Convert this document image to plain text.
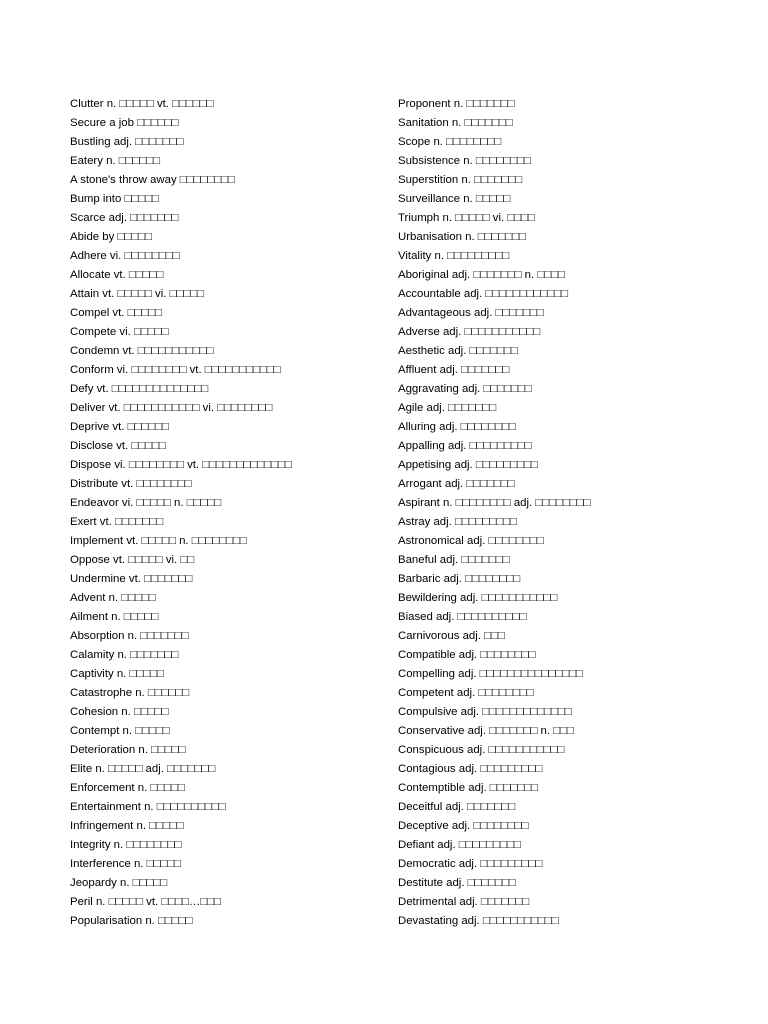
Clutter n. □□□□□ vt. □□□□□□
Secure a job □□□□□□
Bustling adj. □□□□□□□
Eatery n. □□□□□□
A stone's throw away □□□□□□□□
Bump into □□□□□
Scarce adj. □□□□□□□
Abide by □□□□□
Adhere vi. □□□□□□□□
Allocate vt. □□□□□
Attain vt. □□□□□ vi. □□□□□
Compel vt. □□□□□
Compete vi. □□□□□
Condemn vt. □□□□□□□□□□□
Conform vi. □□□□□□□□ vt. □□□□□□□□□□□
Defy vt. □□□□□□□□□□□□□□
Deliver vt. □□□□□□□□□□□ vi. □□□□□□□□
Deprive vt. □□□□□□
Disclose vt. □□□□□
Dispose vi. □□□□□□□□ vt. □□□□□□□□□□□□□
Distribute vt. □□□□□□□□
Endeavor vi. □□□□□ n. □□□□□
Exert vt. □□□□□□□
Implement vt. □□□□□ n. □□□□□□□□
Oppose vt. □□□□□ vi. □□
Undermine vt. □□□□□□□
Advent n. □□□□□
Ailment n. □□□□□
Absorption n. □□□□□□□
Calamity n. □□□□□□□
Captivity n. □□□□□
Catastrophe n. □□□□□□
Cohesion n. □□□□□
Contempt n. □□□□□
Deterioration n. □□□□□
Elite n. □□□□□ adj. □□□□□□□
Enforcement n. □□□□□
Entertainment n. □□□□□□□□□□
Infringement n. □□□□□
Integrity n. □□□□□□□□
Interference n. □□□□□
Jeopardy n. □□□□□
Peril n. □□□□□ vt. □□□□…□□□
Popularisation n. □□□□□
Proponent n. □□□□□□□
Sanitation n. □□□□□□□
Scope n. □□□□□□□□
Subsistence n. □□□□□□□□
Superstition n. □□□□□□□
Surveillance n. □□□□□
Triumph n. □□□□□ vi. □□□□
Urbanisation n. □□□□□□□
Vitality n. □□□□□□□□□
Aboriginal adj. □□□□□□□ n. □□□□
Accountable adj. □□□□□□□□□□□□
Advantageous adj. □□□□□□□
Adverse adj. □□□□□□□□□□□
Aesthetic adj. □□□□□□□
Affluent adj. □□□□□□□
Aggravating adj. □□□□□□□
Agile adj. □□□□□□□
Alluring adj. □□□□□□□□
Appalling adj. □□□□□□□□□
Appetising adj. □□□□□□□□□
Arrogant adj. □□□□□□□
Aspirant n. □□□□□□□□ adj. □□□□□□□□
Astray adj. □□□□□□□□□
Astronomical adj. □□□□□□□□
Baneful adj. □□□□□□□
Barbaric adj. □□□□□□□□
Bewildering adj. □□□□□□□□□□□
Biased adj. □□□□□□□□□□
Carnivorous adj. □□□
Compatible adj. □□□□□□□□
Compelling adj. □□□□□□□□□□□□□□□
Competent adj. □□□□□□□□
Compulsive adj. □□□□□□□□□□□□□
Conservative adj. □□□□□□□ n. □□□
Conspicuous adj. □□□□□□□□□□□
Contagious adj. □□□□□□□□□
Contemptible adj. □□□□□□□
Deceitful adj. □□□□□□□
Deceptive adj. □□□□□□□□
Defiant adj. □□□□□□□□□
Democratic adj. □□□□□□□□□
Destitute adj. □□□□□□□
Detrimental adj. □□□□□□□
Devastating adj. □□□□□□□□□□□
